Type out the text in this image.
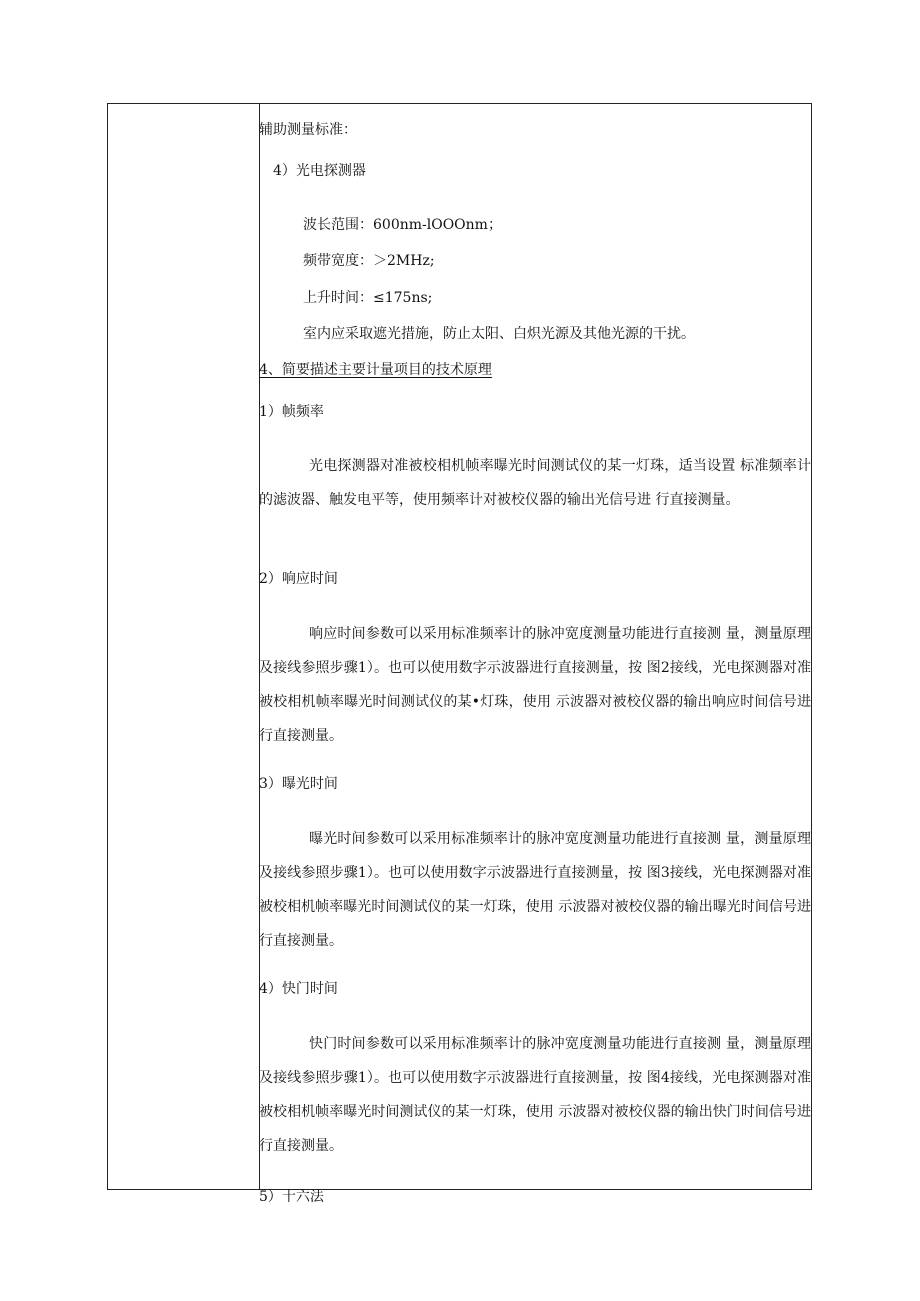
辅助测量标准：
4）光电探测器
波长范围：600nm-lOOOnm；
频带宽度：＞2MHz;
上升时间：≤175ns;
室内应采取遮光措施，防止太阳、白炽光源及其他光源的干扰。
4、简要描述主要计量项目的技术原理
1）帧频率
光电探测器对准被校相机帧率曝光时间测试仪的某一灯珠，适当设置 标准频率计的滤波器、触发电平等，使用频率计对被校仪器的输出光信号进 行直接测量。
2）响应时间
响应时间参数可以采用标准频率计的脉冲宽度测量功能进行直接测 量，测量原理及接线参照步骤1）。也可以使用数字示波器进行直接测量，按 图2接线，光电探测器对准被校相机帧率曝光时间测试仪的某•灯珠，使用 示波器对被校仪器的输出响应时间信号进行直接测量。
3）曝光时间
曝光时间参数可以采用标准频率计的脉冲宽度测量功能进行直接测 量，测量原理及接线参照步骤1）。也可以使用数字示波器进行直接测量，按 图3接线，光电探测器对准被校相机帧率曝光时间测试仪的某一灯珠，使用 示波器对被校仪器的输出曝光时间信号进行直接测量。
4）快门时间
快门时间参数可以采用标准频率计的脉冲宽度测量功能进行直接测 量，测量原理及接线参照步骤1）。也可以使用数字示波器进行直接测量，按 图4接线，光电探测器对准被校相机帧率曝光时间测试仪的某一灯珠，使用 示波器对被校仪器的输出快门时间信号进行直接测量。
5）十六法
